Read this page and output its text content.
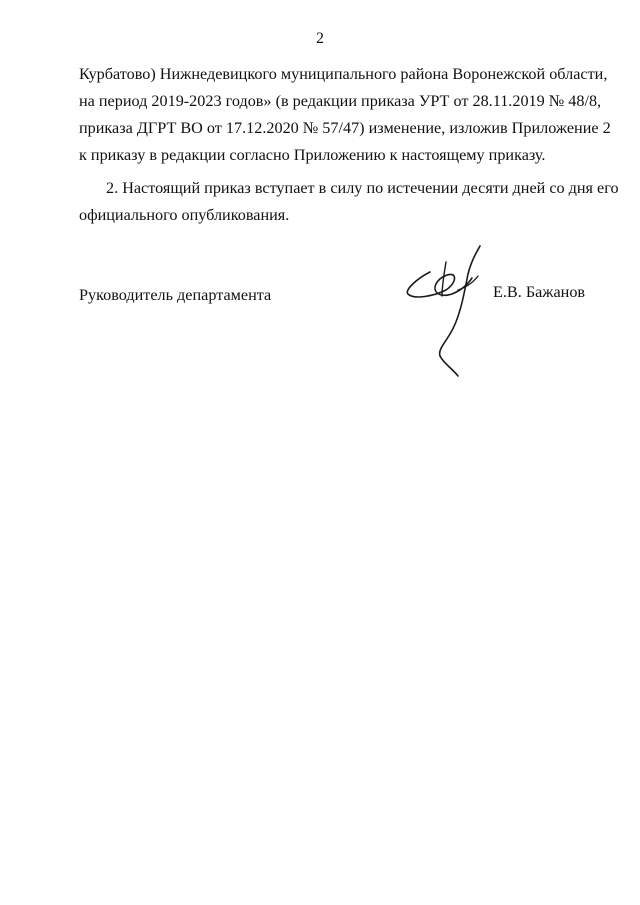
2
Курбатово) Нижнедевицкого муниципального района Воронежской области,
на период 2019-2023 годов» (в редакции приказа УРТ от 28.11.2019 № 48/8,
приказа ДГРТ ВО от 17.12.2020 № 57/47) изменение, изложив Приложение 2
к приказу в редакции согласно Приложению к настоящему приказу.
2. Настоящий приказ вступает в силу по истечении десяти дней со дня его
официального опубликования.
Руководитель департамента	Е.В. Бажанов
